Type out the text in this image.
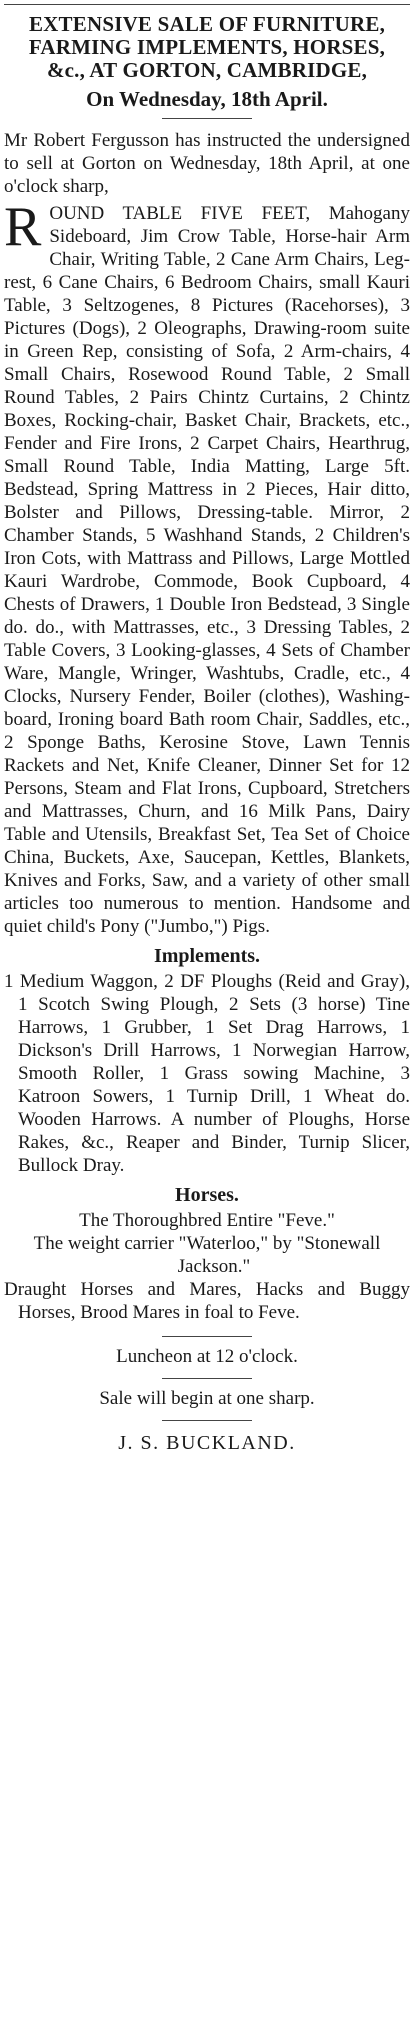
EXTENSIVE SALE OF FURNITURE,
FARMING IMPLEMENTS, HORSES,
&c., AT GORTON, CAMBRIDGE,
On Wednesday, 18th April.

Mr Robert Fergusson has instructed the undersigned to sell at Gorton on Wednesday, 18th April, at one o'clock sharp,

ROUND TABLE FIVE FEET, Mahogany Sideboard, Jim Crow Table, Horse-hair Arm Chair, Writing Table, 2 Cane Arm Chairs, Leg-rest, 6 Cane Chairs, 6 Bedroom Chairs, small Kauri Table, 3 Seltzogenes, 8 Pictures (Racehorses), 3 Pictures (Dogs), 2 Oleographs, Drawing-room suite in Green Rep, consisting of Sofa, 2 Arm-chairs, 4 Small Chairs, Rosewood Round Table, 2 Small Round Tables, 2 Pairs Chintz Curtains, 2 Chintz Boxes, Rocking-chair, Basket Chair, Brackets, etc., Fender and Fire Irons, 2 Carpet Chairs, Hearthrug, Small Round Table, India Matting, Large 5ft. Bedstead, Spring Mattress in 2 Pieces, Hair ditto, Bolster and Pillows, Dressing-table. Mirror, 2 Chamber Stands, 5 Washhand Stands, 2 Children's Iron Cots, with Mattrass and Pillows, Large Mottled Kauri Wardrobe, Commode, Book Cupboard, 4 Chests of Drawers, 1 Double Iron Bedstead, 3 Single do. do., with Mattrasses, etc., 3 Dressing Tables, 2 Table Covers, 3 Looking-glasses, 4 Sets of Chamber Ware, Mangle, Wringer, Washtubs, Cradle, etc., 4 Clocks, Nursery Fender, Boiler (clothes), Washing-board, Ironing board Bath room Chair, Saddles, etc., 2 Sponge Baths, Kerosine Stove, Lawn Tennis Rackets and Net, Knife Cleaner, Dinner Set for 12 Persons, Steam and Flat Irons, Cupboard, Stretchers and Mattrasses, Churn, and 16 Milk Pans, Dairy Table and Utensils, Breakfast Set, Tea Set of Choice China, Buckets, Axe, Saucepan, Kettles, Blankets, Knives and Forks, Saw, and a variety of other small articles too numerous to mention. Handsome and quiet child's Pony ("Jumbo,") Pigs.

Implements.

1 Medium Waggon, 2 DF Ploughs (Reid and Gray), 1 Scotch Swing Plough, 2 Sets (3 horse) Tine Harrows, 1 Grubber, 1 Set Drag Harrows, 1 Dickson's Drill Harrows, 1 Norwegian Harrow, Smooth Roller, 1 Grass sowing Machine, 3 Katroon Sowers, 1 Turnip Drill, 1 Wheat do. Wooden Harrows. A number of Ploughs, Horse Rakes, &c., Reaper and Binder, Turnip Slicer, Bullock Dray.

Horses.

The Thoroughbred Entire "Feve."

The weight carrier "Waterloo," by "Stonewall Jackson."

Draught Horses and Mares, Hacks and Buggy Horses, Brood Mares in foal to Feve.

Luncheon at 12 o'clock.
Sale will begin at one sharp.
J. S. BUCKLAND.
